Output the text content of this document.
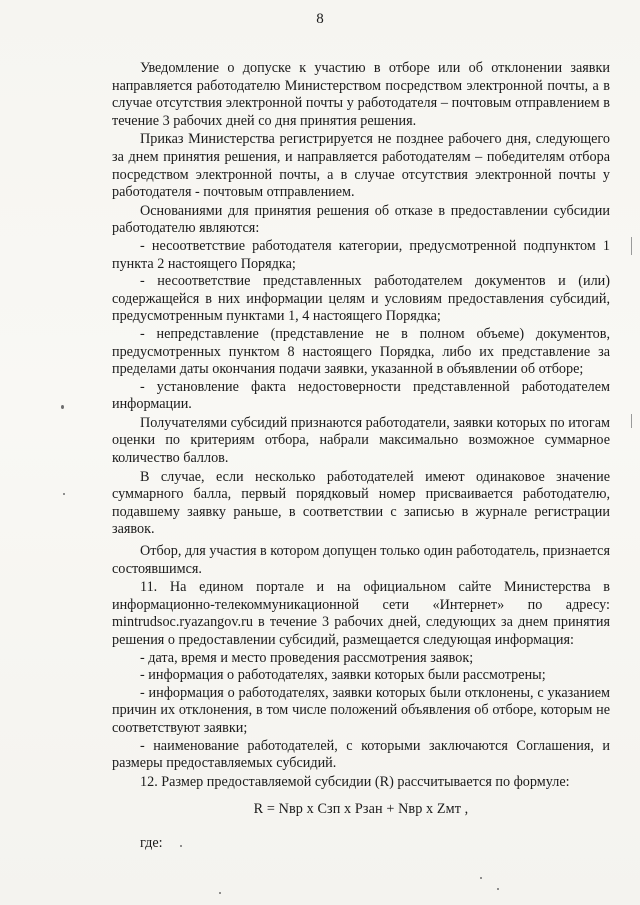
8

Уведомление о допуске к участию в отборе или об отклонении заявки направляется работодателю Министерством посредством электронной почты, а в случае отсутствия электронной почты у работодателя – почтовым отправлением в течение 3 рабочих дней со дня принятия решения.

Приказ Министерства регистрируется не позднее рабочего дня, следующего за днем принятия решения, и направляется работодателям – победителям отбора посредством электронной почты, а в случае отсутствия электронной почты у работодателя - почтовым отправлением.

Основаниями для принятия решения об отказе в предоставлении субсидии работодателю являются:

- несоответствие работодателя категории, предусмотренной подпунктом 1 пункта 2 настоящего Порядка;

- несоответствие представленных работодателем документов и (или) содержащейся в них информации целям и условиям предоставления субсидий, предусмотренным пунктами 1, 4 настоящего Порядка;

- непредставление (представление не в полном объеме) документов, предусмотренных пунктом 8 настоящего Порядка, либо их представление за пределами даты окончания подачи заявки, указанной в объявлении об отборе;

- установление факта недостоверности представленной работодателем информации.

Получателями субсидий признаются работодатели, заявки которых по итогам оценки по критериям отбора, набрали максимально возможное суммарное количество баллов.

В случае, если несколько работодателей имеют одинаковое значение суммарного балла, первый порядковый номер присваивается работодателю, подавшему заявку раньше, в соответствии с записью в журнале регистрации заявок.

Отбор, для участия в котором допущен только один работодатель, признается состоявшимся.

11. На едином портале и на официальном сайте Министерства в информационно-телекоммуникационной сети «Интернет» по адресу: mintrudsoc.ryazangov.ru в течение 3 рабочих дней, следующих за днем принятия решения о предоставлении субсидий, размещается следующая информация:

- дата, время и место проведения рассмотрения заявок;

- информация о работодателях, заявки которых были рассмотрены;

- информация о работодателях, заявки которых были отклонены, с указанием причин их отклонения, в том числе положений объявления об отборе, которым не соответствуют заявки;

- наименование работодателей, с которыми заключаются Соглашения, и размеры предоставляемых субсидий.

12. Размер предоставляемой субсидии (R) рассчитывается по формуле:

R = Nвр x Cзп x Рзан + Nвр x Zмт ,

где:
